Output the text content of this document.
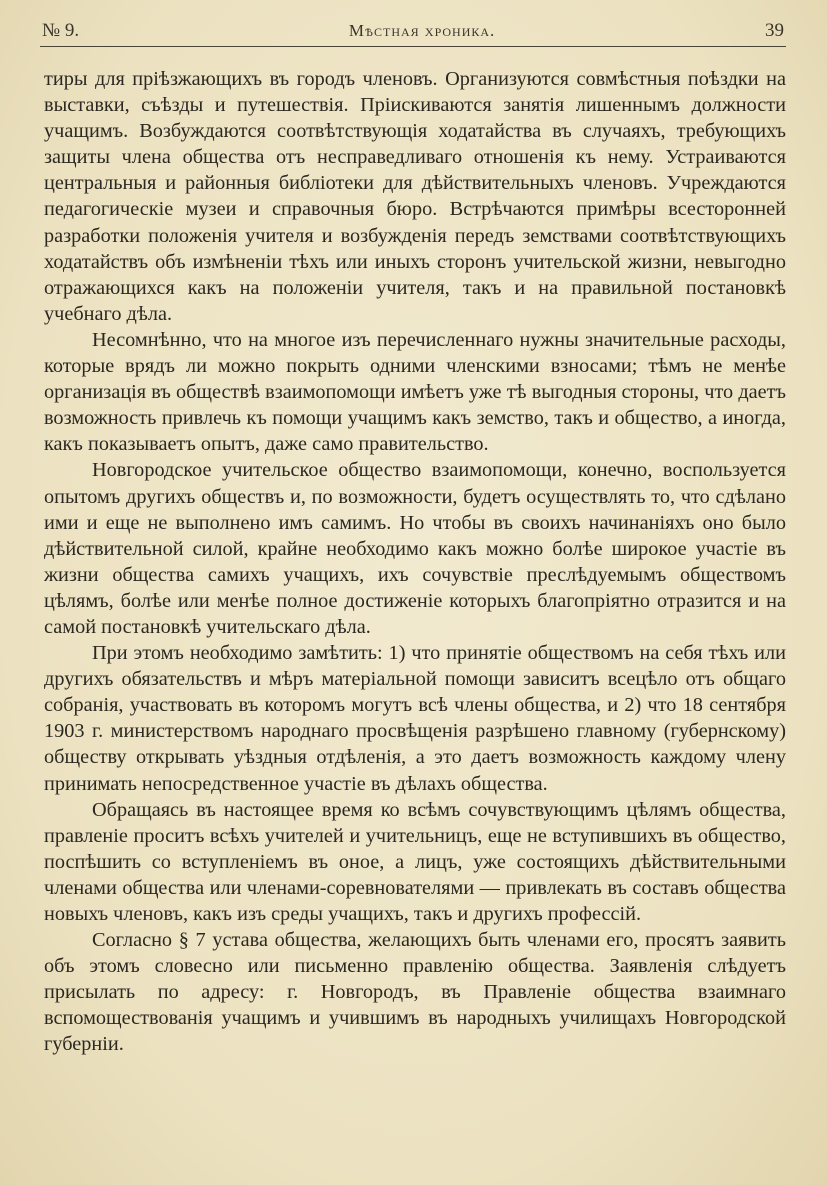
№ 9.	Мѣстная хроника.	39

тиры для пріѣзжающихъ въ городъ членовъ. Организуются совмѣстныя поѣздки на выставки, съѣзды и путешествія. Пріискиваются занятія лишеннымъ должности учащимъ. Возбуждаются соотвѣтствующія ходатайства въ случаяхъ, требующихъ защиты члена общества отъ несправедливаго отношенія къ нему. Устраиваются центральныя и районныя библіотеки для дѣйствительныхъ членовъ. Учреждаются педагогическіе музеи и справочныя бюро. Встрѣчаются примѣры всесторонней разработки положенія учителя и возбужденія передъ земствами соотвѣтствующихъ ходатайствъ объ измѣненіи тѣхъ или иныхъ сторонъ учительской жизни, невыгодно отражающихся какъ на положеніи учителя, такъ и на правильной постановкѣ учебнаго дѣла.

Несомнѣнно, что на многое изъ перечисленнаго нужны значительные расходы, которые врядъ ли можно покрыть одними членскими взносами; тѣмъ не менѣе организація въ обществѣ взаимопомощи имѣетъ уже тѣ выгодныя стороны, что даетъ возможность привлечь къ помощи учащимъ какъ земство, такъ и общество, а иногда, какъ показываетъ опытъ, даже само правительство.

Новгородское учительское общество взаимопомощи, конечно, воспользуется опытомъ другихъ обществъ и, по возможности, будетъ осуществлять то, что сдѣлано ими и еще не выполнено имъ самимъ. Но чтобы въ своихъ начинаніяхъ оно было дѣйствительной силой, крайне необходимо какъ можно болѣе широкое участіе въ жизни общества самихъ учащихъ, ихъ сочувствіе преслѣдуемымъ обществомъ цѣлямъ, болѣе или менѣе полное достиженіе которыхъ благопріятно отразится и на самой постановкѣ учительскаго дѣла.

При этомъ необходимо замѣтить: 1) что принятіе обществомъ на себя тѣхъ или другихъ обязательствъ и мѣръ матеріальной помощи зависитъ всецѣло отъ общаго собранія, участвовать въ которомъ могутъ всѣ члены общества, и 2) что 18 сентября 1903 г. министерствомъ народнаго просвѣщенія разрѣшено главному (губернскому) обществу открывать уѣздныя отдѣленія, а это даетъ возможность каждому члену принимать непосредственное участіе въ дѣлахъ общества.

Обращаясь въ настоящее время ко всѣмъ сочувствующимъ цѣлямъ общества, правленіе проситъ всѣхъ учителей и учительницъ, еще не вступившихъ въ общество, поспѣшить со вступленіемъ въ оное, а лицъ, уже состоящихъ дѣйствительными членами общества или членами-соревнователями — привлекать въ составъ общества новыхъ членовъ, какъ изъ среды учащихъ, такъ и другихъ профессій.

Согласно § 7 устава общества, желающихъ быть членами его, просятъ заявить объ этомъ словесно или письменно правленію общества. Заявленія слѣдуетъ присылать по адресу: г. Новгородъ, въ Правленіе общества взаимнаго вспомоществованія учащимъ и учившимъ въ народныхъ училищахъ Новгородской губерніи.
